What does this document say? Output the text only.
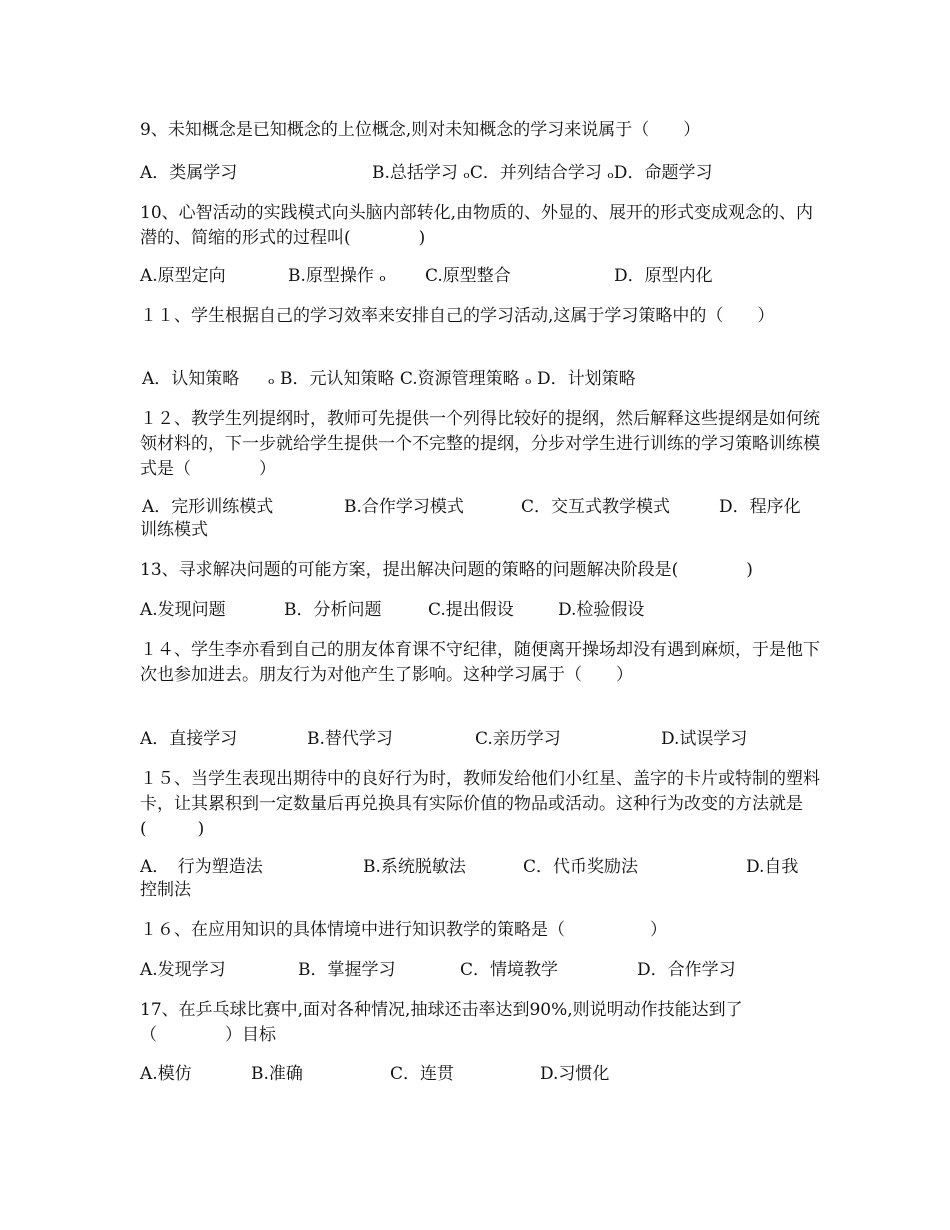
9、未知概念是已知概念的上位概念,则对未知概念的学习来说属于（　　）
A．类属学习	B.总括学习 ₒC．并列结合学习 ₒD．命题学习
10、心智活动的实践模式向头脑内部转化,由物质的、外显的、展开的形式变成观念的、内潜的、简缩的形式的过程叫(　　　　)
A.原型定向	B.原型操作 ₒ C.原型整合	D．原型内化
１１、学生根据自己的学习效率来安排自己的学习活动,这属于学习策略中的（　　）
A．认知策略 ₒ B．元认知策略 C.资源管理策略 ₒ D．计划策略
１２、教学生列提纲时，教师可先提供一个列得比较好的提纲，然后解释这些提纲是如何统领材料的，下一步就给学生提供一个不完整的提纲，分步对学生进行训练的学习策略训练模式是（　　　　）
A．完形训练模式	B.合作学习模式	C．交互式教学模式	D．程序化
训练模式
13、寻求解决问题的可能方案，提出解决问题的策略的问题解决阶段是(　　　　)
A.发现问题	B．分析问题	C.提出假设	D.检验假设
１４、学生李亦看到自己的朋友体育课不守纪律，随便离开操场却没有遇到麻烦，于是他下次也参加进去。朋友行为对他产生了影响。这种学习属于（　　）
A．直接学习	B.替代学习	C.亲历学习	D.试误学习
１５、当学生表现出期待中的良好行为时，教师发给他们小红星、盖字的卡片或特制的塑料卡，让其累积到一定数量后再兑换具有实际价值的物品或活动。这种行为改变的方法就是(　　　)
A．　行为塑造法	B.系统脱敏法	C．代币奖励法	D.自我
控制法
１６、在应用知识的具体情境中进行知识教学的策略是（　　　　　）
A.发现学习	B．掌握学习	C．情境教学	D．合作学习
17、在乒乓球比赛中,面对各种情况,抽球还击率达到90%,则说明动作技能达到了（　　　　）目标
A.模仿	B.准确	C．连贯	D.习惯化
